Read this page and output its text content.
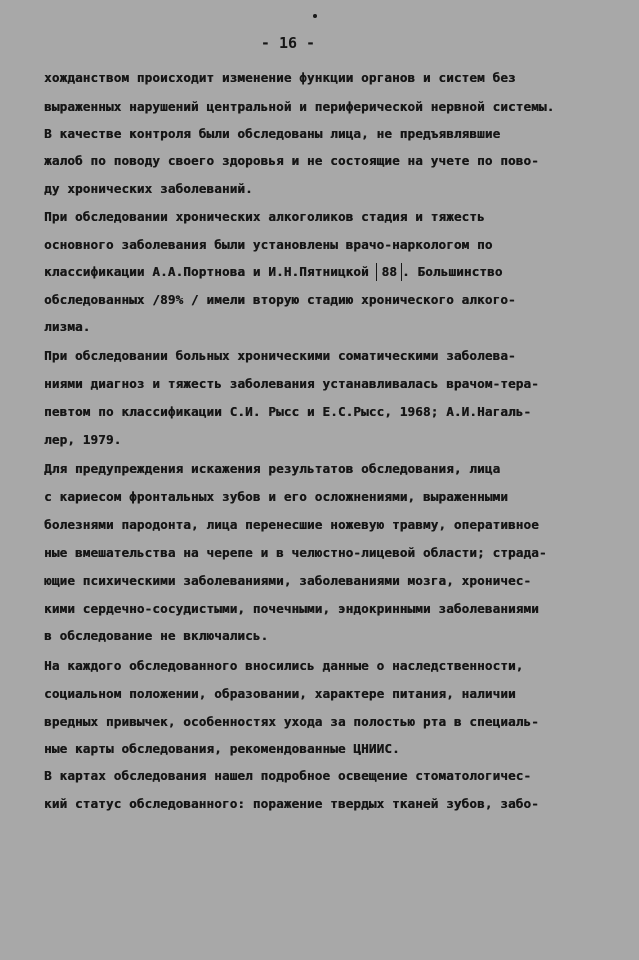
- 16 -
хожданством происходит изменение функции органов и систем без
выраженных нарушений центральной и периферической нервной системы.
В качестве контроля были обследованы лица, не предъявлявшие
жалоб по поводу своего здоровья и не состоящие на учете по пово-
ду хронических заболеваний.
При обследовании хронических алкоголиков стадия и тяжесть
основного заболевания были установлены врачо-наркологом по
классификации А.А.Портнова и И.Н.Пятницкой 88 . Большинство
обследованных /89% / имели вторую стадию хронического алкого-
лизма.
При обследовании больных хроническими соматическими заболева-
ниями диагноз и тяжесть заболевания устанавливалась врачом-тера-
певтом по классификации С.И. Рысс и Е.С.Рысс, 1968; А.И.Нагаль-
лер, 1979.
Для предупреждения искажения результатов обследования, лица
с кариесом фронтальных зубов и его осложнениями, выраженными
болезнями пародонта, лица перенесшие ножевую травму, оперативное
ные вмешательства на черепе и в челюстно-лицевой области; страда-
ющие психическими заболеваниями, заболеваниями мозга, хроничес-
кими сердечно-сосудистыми, почечными, эндокринными заболеваниями
в обследование не включались.
На каждого обследованного вносились данные о наследственности,
социальном положении, образовании, характере питания, наличии
вредных привычек, особенностях ухода за полостью рта в специаль-
ные карты обследования, рекомендованные ЦНИИС.
В картах обследования нашел подробное освещение стоматологичес-
кий статус обследованного: поражение твердых тканей зубов, забо-
